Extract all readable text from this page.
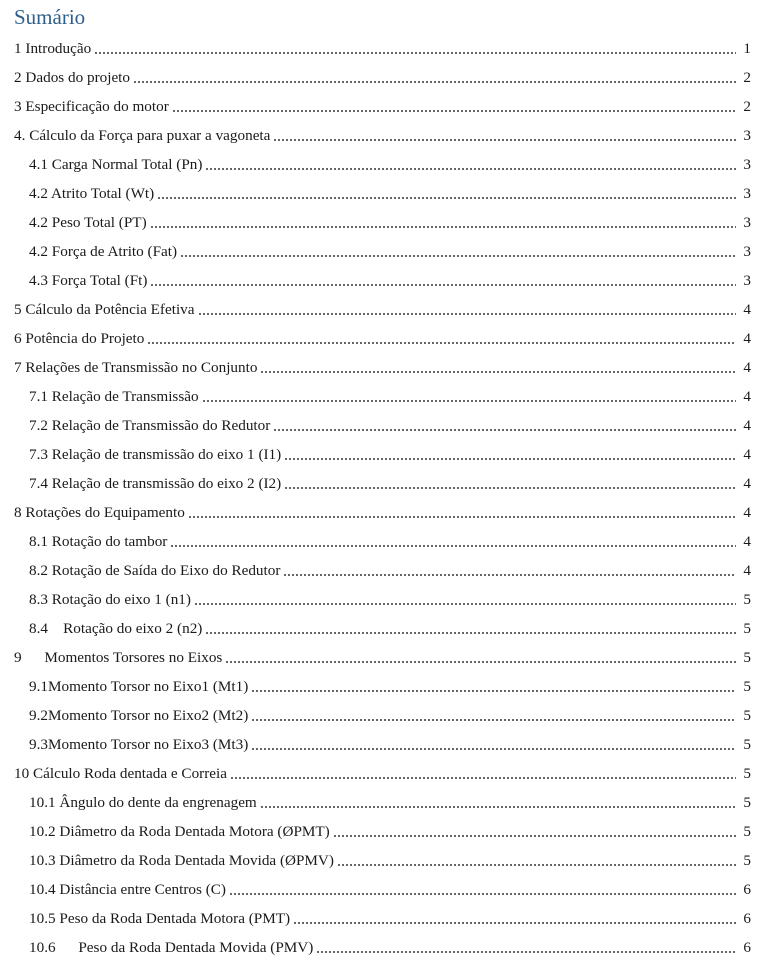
Sumário
1 Introdução	1
2 Dados do projeto	2
3 Especificação do motor	2
4. Cálculo da Força para puxar a vagoneta	3
4.1 Carga Normal Total (Pn)	3
4.2 Atrito Total (Wt)	3
4.2 Peso Total (PT)	3
4.2 Força de Atrito (Fat)	3
4.3 Força Total (Ft)	3
5 Cálculo da Potência Efetiva	4
6 Potência do Projeto	4
7 Relações de Transmissão no Conjunto	4
7.1 Relação de Transmissão	4
7.2 Relação de Transmissão do Redutor	4
7.3 Relação de transmissão do eixo 1 (I1)	4
7.4 Relação de transmissão do eixo 2 (I2)	4
8 Rotações do Equipamento	4
8.1 Rotação do tambor	4
8.2 Rotação de Saída do Eixo do Redutor	4
8.3 Rotação do eixo 1 (n1)	5
8.4    Rotação do eixo 2 (n2)	5
9      Momentos Torsores no Eixos	5
9.1Momento Torsor no Eixo1 (Mt1)	5
9.2Momento Torsor no Eixo2 (Mt2)	5
9.3Momento Torsor no Eixo3 (Mt3)	5
10 Cálculo Roda dentada e Correia	5
10.1 Ângulo do dente da engrenagem	5
10.2 Diâmetro da Roda Dentada Motora (ØPMT)	5
10.3 Diâmetro da Roda Dentada Movida (ØPMV)	5
10.4 Distância entre Centros (C)	6
10.5 Peso da Roda Dentada Motora (PMT)	6
10.6      Peso da Roda Dentada Movida (PMV)	6
